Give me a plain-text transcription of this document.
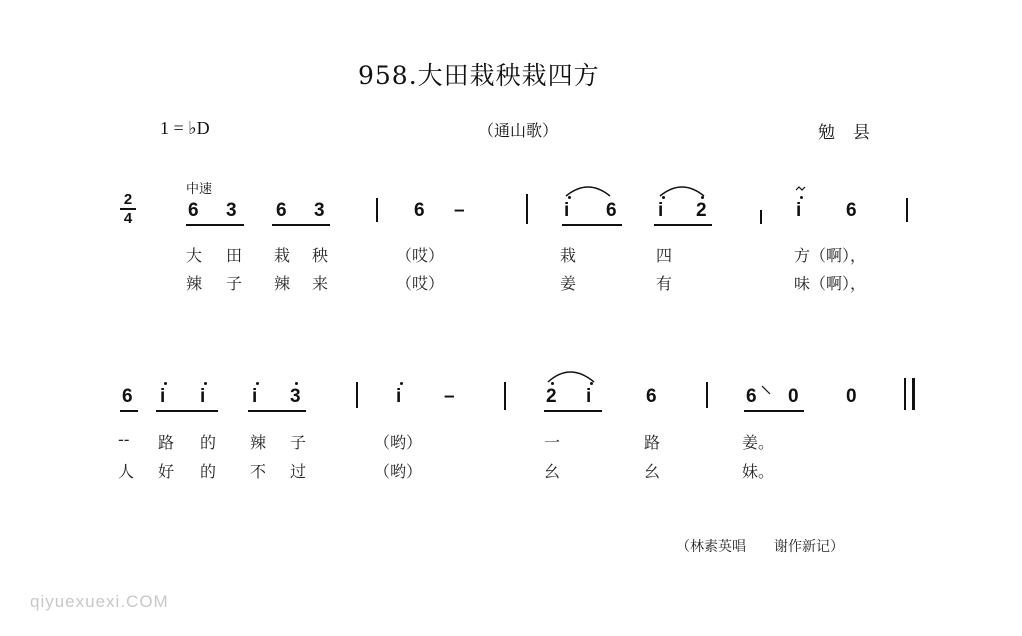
958.大田栽秧栽四方
1 = ♭D	（通山歌）	勉县
中速
2
4	6 3 6 3	6 –	i 6 i 2	i 6
大 田 栽 秧	（哎）	栽	四	方（啊），
辣 子 辣 来	（哎）	姜	有	味（啊），
6 i i i 3	i –	2 i	6	6 0 0
-- 路 的 辣 子	（哟）	一	路	姜。
人 好 的 不 过	（哟）	幺	幺	妹。
（林素英唱　　谢作新记）
qiyuexuexi.COM
